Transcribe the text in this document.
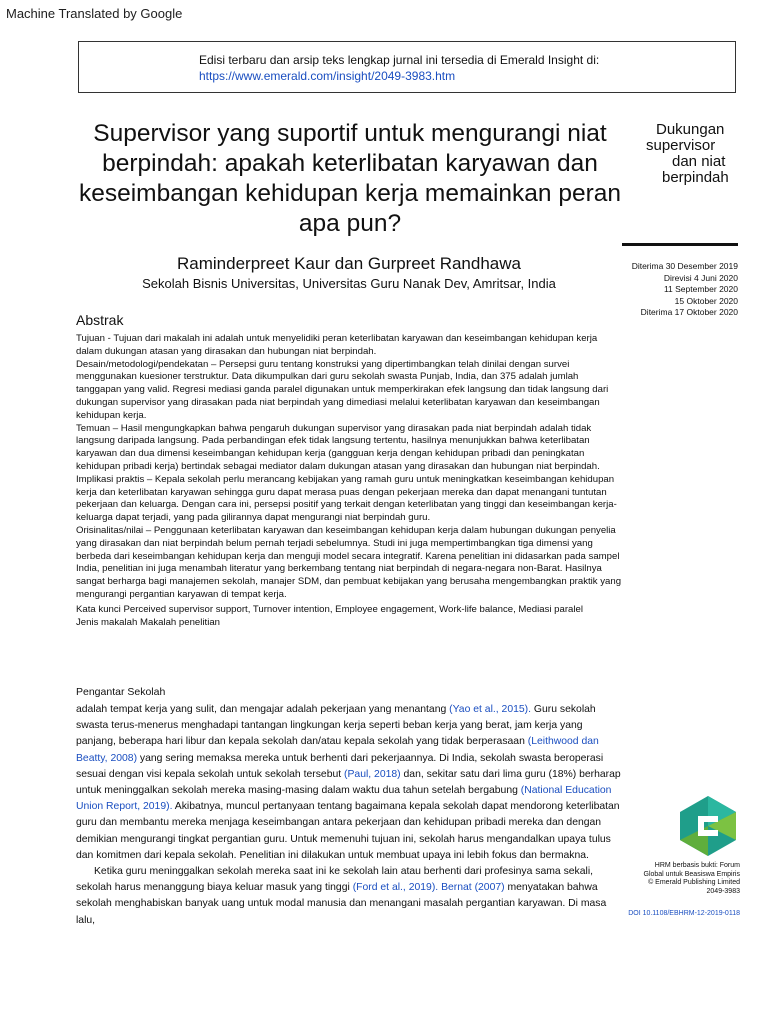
Machine Translated by Google
Edisi terbaru dan arsip teks lengkap jurnal ini tersedia di Emerald Insight di:
https://www.emerald.com/insight/2049-3983.htm
Supervisor yang suportif untuk mengurangi niat berpindah: apakah keterlibatan karyawan dan keseimbangan kehidupan kerja memainkan peran apa pun?
Dukungan
supervisor
dan niat
berpindah
Raminderpreet Kaur dan Gurpreet Randhawa
Sekolah Bisnis Universitas, Universitas Guru Nanak Dev, Amritsar, India
Diterima 30 Desember 2019
Direvisi 4 Juni 2020
11 September 2020
15 Oktober 2020
Diterima 17 Oktober 2020
Abstrak

Tujuan - Tujuan dari makalah ini adalah untuk menyelidiki peran keterlibatan karyawan dan keseimbangan kehidupan kerja dalam dukungan atasan yang dirasakan dan hubungan niat berpindah.

Desain/metodologi/pendekatan – Persepsi guru tentang konstruksi yang dipertimbangkan telah dinilai dengan survei menggunakan kuesioner terstruktur. Data dikumpulkan dari guru sekolah swasta Punjab, India, dan 375 adalah jumlah tanggapan yang valid. Regresi mediasi ganda paralel digunakan untuk memperkirakan efek langsung dan tidak langsung dari dukungan supervisor yang dirasakan pada niat berpindah yang dimediasi melalui keterlibatan karyawan dan keseimbangan kehidupan kerja.

Temuan – Hasil mengungkapkan bahwa pengaruh dukungan supervisor yang dirasakan pada niat berpindah adalah tidak langsung daripada langsung. Pada perbandingan efek tidak langsung tertentu, hasilnya menunjukkan bahwa keterlibatan karyawan dan dua dimensi keseimbangan kehidupan kerja (gangguan kerja dengan kehidupan pribadi dan peningkatan kehidupan pribadi kerja) bertindak sebagai mediator dalam dukungan atasan yang dirasakan dan hubungan niat berpindah.

Implikasi praktis – Kepala sekolah perlu merancang kebijakan yang ramah guru untuk meningkatkan keseimbangan kehidupan kerja dan keterlibatan karyawan sehingga guru dapat merasa puas dengan pekerjaan mereka dan dapat menangani tuntutan pekerjaan dan keluarga. Dengan cara ini, persepsi positif yang terkait dengan keterlibatan yang tinggi dan keseimbangan kerja-keluarga dapat terjadi, yang pada gilirannya dapat mengurangi niat berpindah guru.

Orisinalitas/nilai – Penggunaan keterlibatan karyawan dan keseimbangan kehidupan kerja dalam hubungan dukungan penyelia yang dirasakan dan niat berpindah belum pernah terjadi sebelumnya. Studi ini juga mempertimbangkan tiga dimensi yang berbeda dari keseimbangan kehidupan kerja dan menguji model secara integratif. Karena penelitian ini didasarkan pada sampel India, penelitian ini juga menambah literatur yang berkembang tentang niat berpindah di negara-negara non-Barat. Hasilnya sangat berharga bagi manajemen sekolah, manajer SDM, dan pembuat kebijakan yang berusaha mengembangkan praktik yang mengurangi pergantian karyawan di tempat kerja.

Kata kunci Perceived supervisor support, Turnover intention, Employee engagement, Work-life balance, Mediasi paralel

Jenis makalah Makalah penelitian

Pengantar Sekolah

adalah tempat kerja yang sulit, dan mengajar adalah pekerjaan yang menantang (Yao et al., 2015). Guru sekolah swasta terus-menerus menghadapi tantangan lingkungan kerja seperti beban kerja yang berat, jam kerja yang panjang, beberapa hari libur dan kepala sekolah dan/atau kepala sekolah yang tidak berperasaan (Leithwood dan Beatty, 2008) yang sering memaksa mereka untuk berhenti dari pekerjaannya. Di India, sekolah swasta beroperasi sesuai dengan visi kepala sekolah untuk sekolah tersebut (Paul, 2018) dan, sekitar satu dari lima guru (18%) berharap untuk meninggalkan sekolah mereka masing-masing dalam waktu dua tahun setelah bergabung (National Education Union Report, 2019). Akibatnya, muncul pertanyaan tentang bagaimana kepala sekolah dapat mendorong keterlibatan guru dan membantu mereka menjaga keseimbangan antara pekerjaan dan kehidupan pribadi mereka dan dengan demikian mengurangi tingkat pergantian guru. Untuk memenuhi tujuan ini, sekolah harus mengandalkan upaya tulus dan komitmen dari kepala sekolah. Penelitian ini dilakukan untuk membuat upaya ini lebih fokus dan bermakna.

Ketika guru meninggalkan sekolah mereka saat ini ke sekolah lain atau berhenti dari profesinya sama sekali, sekolah harus menanggung biaya keluar masuk yang tinggi (Ford et al., 2019). Bernat (2007) menyatakan bahwa sekolah menghabiskan banyak uang untuk modal manusia dan menangani masalah pergantian karyawan. Di masa lalu,

HRM berbasis bukti: Forum
Global untuk Beasiswa Empiris
© Emerald Publishing Limited
2049-3983
DOI 10.1108/EBHRM-12-2019-0118
